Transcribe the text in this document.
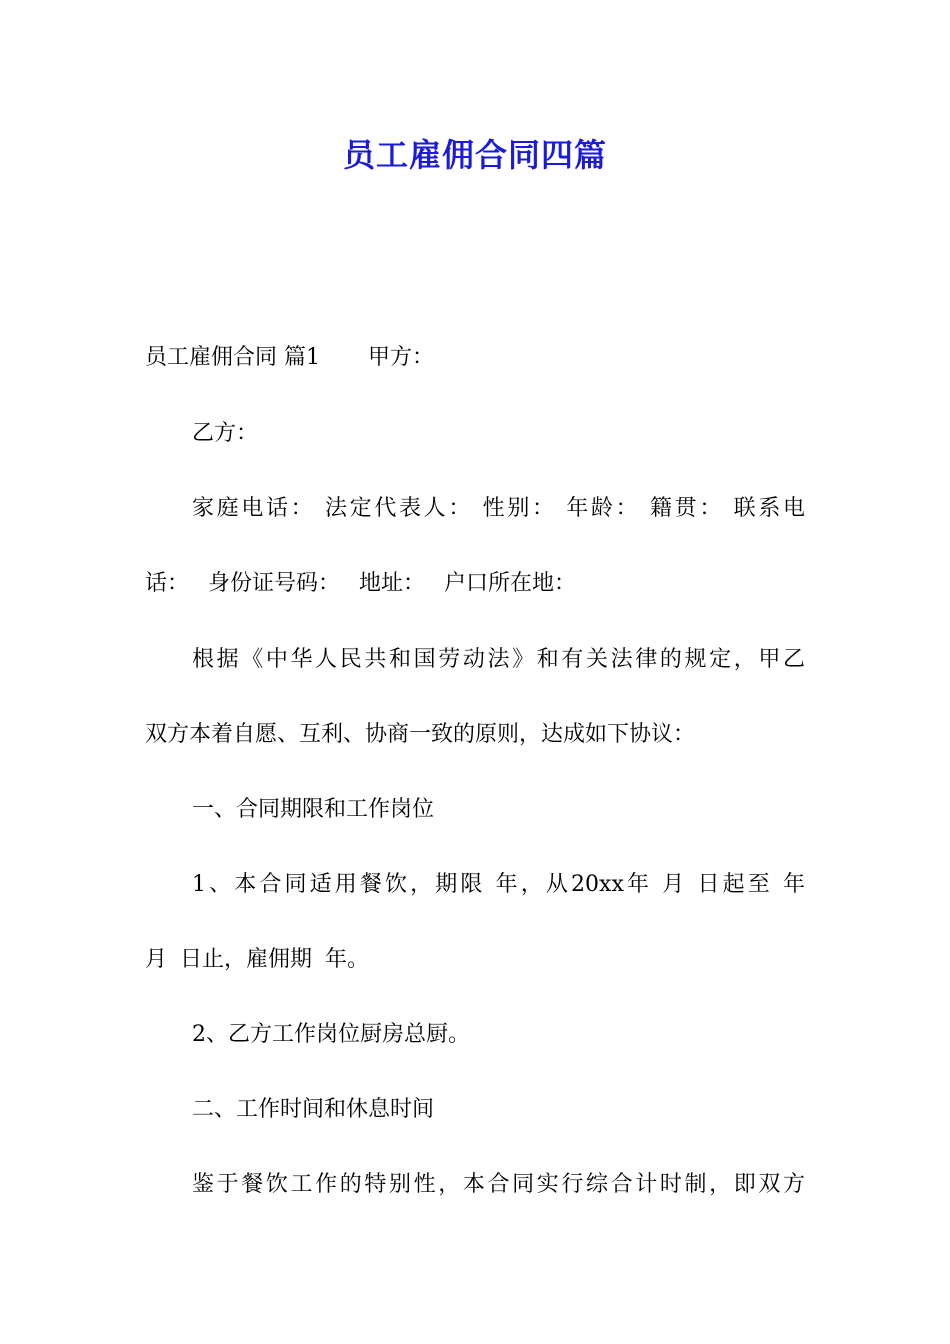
员工雇佣合同四篇

员工雇佣合同 篇1 甲方：

乙方：

家庭电话： 法定代表人： 性别： 年龄： 籍贯： 联系电

话： 身份证号码： 地址： 户口所在地：

根据《中华人民共和国劳动法》和有关法律的规定，甲乙

双方本着自愿、互利、协商一致的原则，达成如下协议：

一、合同期限和工作岗位

1、本合同适用餐饮，期限 年，从20xx年 月 日起至 年

月 日止，雇佣期 年。

2、乙方工作岗位厨房总厨。

二、工作时间和休息时间

鉴于餐饮工作的特别性，本合同实行综合计时制，即双方
